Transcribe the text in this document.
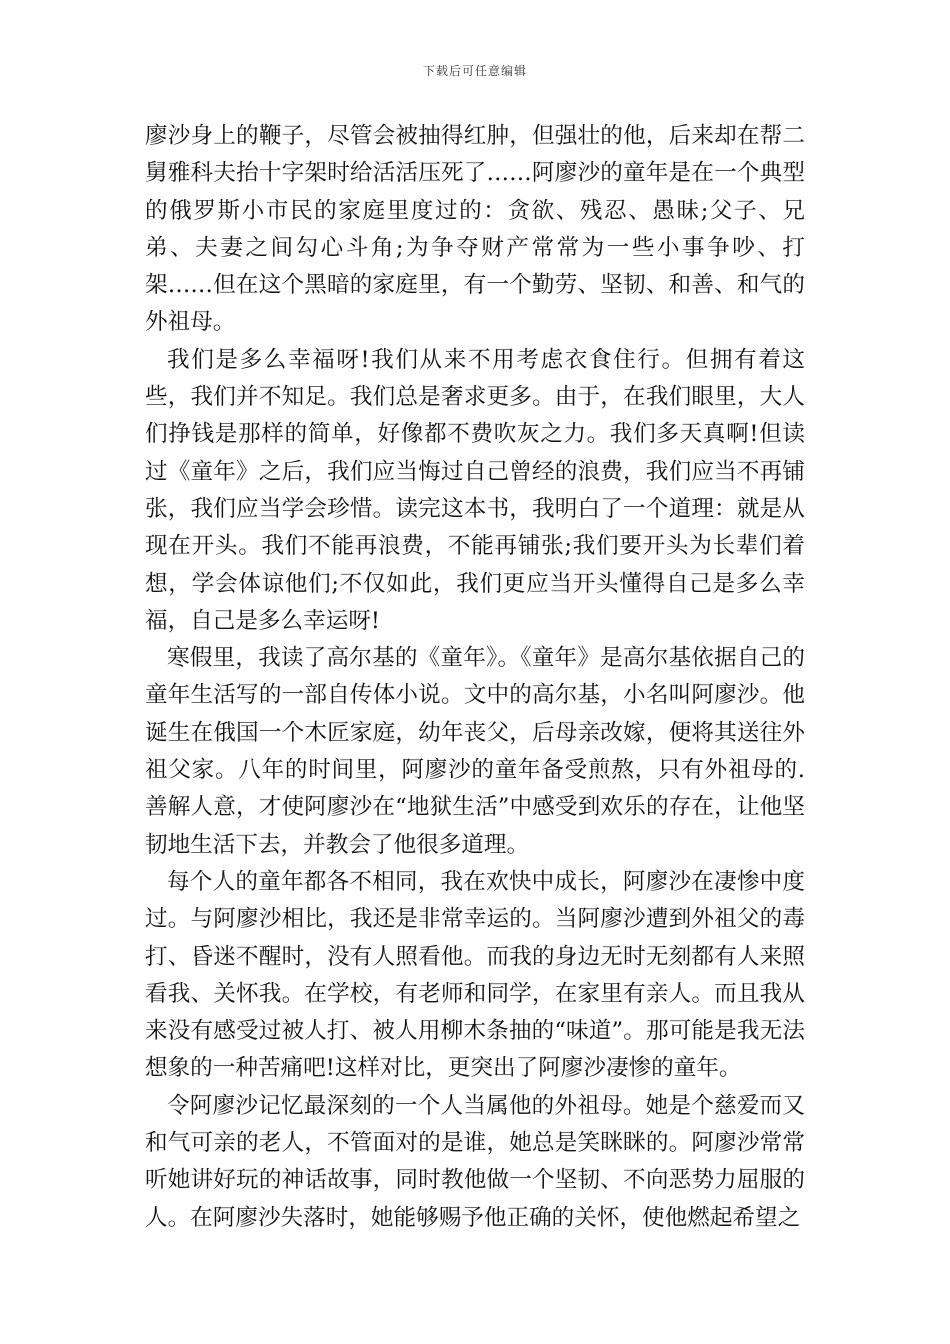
下载后可任意编辑

廖沙身上的鞭子，尽管会被抽得红肿，但强壮的他，后来却在帮二舅雅科夫抬十字架时给活活压死了……阿廖沙的童年是在一个典型的俄罗斯小市民的家庭里度过的：贪欲、残忍、愚昧;父子、兄弟、夫妻之间勾心斗角;为争夺财产常常为一些小事争吵、打架……但在这个黑暗的家庭里，有一个勤劳、坚韧、和善、和气的外祖母。

我们是多么幸福呀!我们从来不用考虑衣食住行。但拥有着这些，我们并不知足。我们总是奢求更多。由于，在我们眼里，大人们挣钱是那样的简单，好像都不费吹灰之力。我们多天真啊!但读过《童年》之后，我们应当悔过自己曾经的浪费，我们应当不再铺张，我们应当学会珍惜。读完这本书，我明白了一个道理：就是从现在开头。我们不能再浪费，不能再铺张;我们要开头为长辈们着想，学会体谅他们;不仅如此，我们更应当开头懂得自己是多么幸福，自己是多么幸运呀!

寒假里，我读了高尔基的《童年》。《童年》是高尔基依据自己的童年生活写的一部自传体小说。文中的高尔基，小名叫阿廖沙。他诞生在俄国一个木匠家庭，幼年丧父，后母亲改嫁，便将其送往外祖父家。八年的时间里，阿廖沙的童年备受煎熬，只有外祖母的.善解人意，才使阿廖沙在“地狱生活”中感受到欢乐的存在，让他坚韧地生活下去，并教会了他很多道理。

每个人的童年都各不相同，我在欢快中成长，阿廖沙在凄惨中度过。与阿廖沙相比，我还是非常幸运的。当阿廖沙遭到外祖父的毒打、昏迷不醒时，没有人照看他。而我的身边无时无刻都有人来照看我、关怀我。在学校，有老师和同学，在家里有亲人。而且我从来没有感受过被人打、被人用柳木条抽的“味道”。那可能是我无法想象的一种苦痛吧!这样对比，更突出了阿廖沙凄惨的童年。

令阿廖沙记忆最深刻的一个人当属他的外祖母。她是个慈爱而又和气可亲的老人，不管面对的是谁，她总是笑眯眯的。阿廖沙常常听她讲好玩的神话故事，同时教他做一个坚韧、不向恶势力屈服的人。在阿廖沙失落时，她能够赐予他正确的关怀，使他燃起希望之
